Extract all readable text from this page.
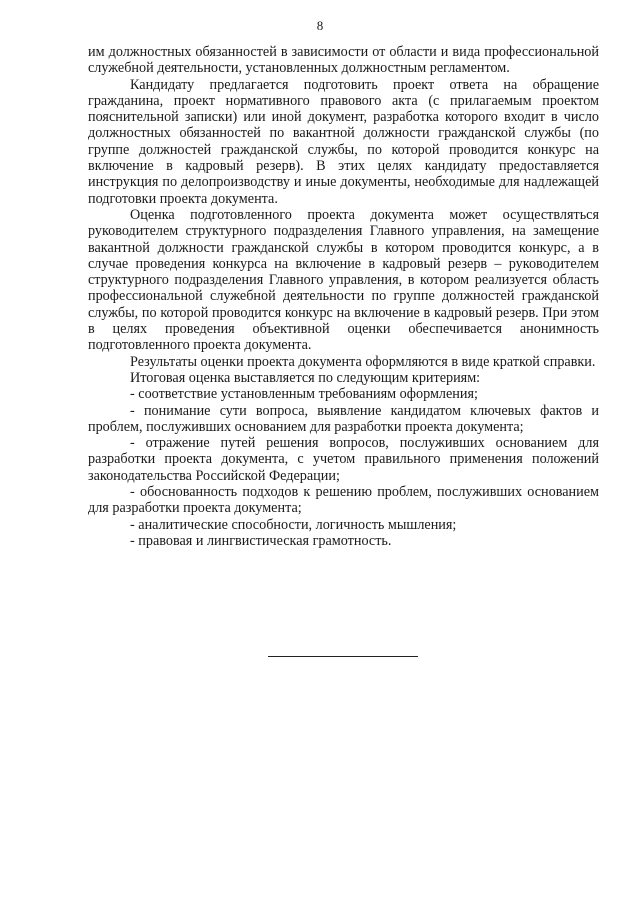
8

им должностных обязанностей в зависимости от области и вида профессиональной служебной деятельности, установленных должностным регламентом.

Кандидату предлагается подготовить проект ответа на обращение гражданина, проект нормативного правового акта (с прилагаемым проектом пояснительной записки) или иной документ, разработка которого входит в число должностных обязанностей по вакантной должности гражданской службы (по группе должностей гражданской службы, по которой проводится конкурс на включение в кадровый резерв). В этих целях кандидату предоставляется инструкция по делопроизводству и иные документы, необходимые для надлежащей подготовки проекта документа.

Оценка подготовленного проекта документа может осуществляться руководителем структурного подразделения Главного управления, на замещение вакантной должности гражданской службы в котором проводится конкурс, а в случае проведения конкурса на включение в кадровый резерв – руководителем структурного подразделения Главного управления, в котором реализуется область профессиональной служебной деятельности по группе должностей гражданской службы, по которой проводится конкурс на включение в кадровый резерв. При этом в целях проведения объективной оценки обеспечивается анонимность подготовленного проекта документа.

Результаты оценки проекта документа оформляются в виде краткой справки.

Итоговая оценка выставляется по следующим критериям:

- соответствие установленным требованиям оформления;

- понимание сути вопроса, выявление кандидатом ключевых фактов и проблем, послуживших основанием для разработки проекта документа;

- отражение путей решения вопросов, послуживших основанием для разработки проекта документа, с учетом правильного применения положений законодательства Российской Федерации;

- обоснованность подходов к решению проблем, послуживших основанием для разработки проекта документа;

- аналитические способности, логичность мышления;

- правовая и лингвистическая грамотность.
